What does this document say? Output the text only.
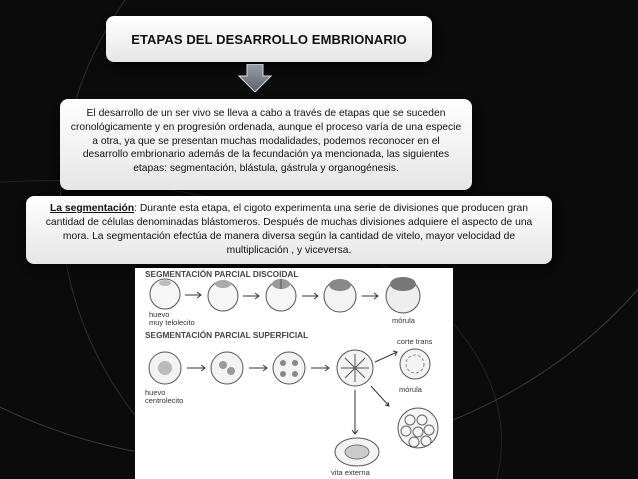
ETAPAS DEL DESARROLLO EMBRIONARIO
El desarrollo de un ser vivo se lleva a cabo a través de etapas que se suceden cronológicamente y en progresión ordenada, aunque el proceso varía de una especie a otra, ya que se presentan muchas modalidades, podemos reconocer en el desarrollo embrionario además de la fecundación ya mencionada, las siguientes etapas: segmentación, blástula, gástrula y organogénesis.
La segmentación: Durante esta etapa, el cigoto experimenta una serie de divisiones que producen gran cantidad de células denominadas blástomeros. Después de muchas divisiones adquiere el aspecto de una mora. La segmentación efectúa de manera diversa según la cantidad de vitelo, mayor velocidad de multiplicación , y viceversa.
SEGMENTACIÓN PARCIAL DISCOIDAL
SEGMENTACIÓN PARCIAL SUPERFICIAL
huevo
muy telolecito	mórula
huevo
centrolecito
corte trans
mórula
vita externa
